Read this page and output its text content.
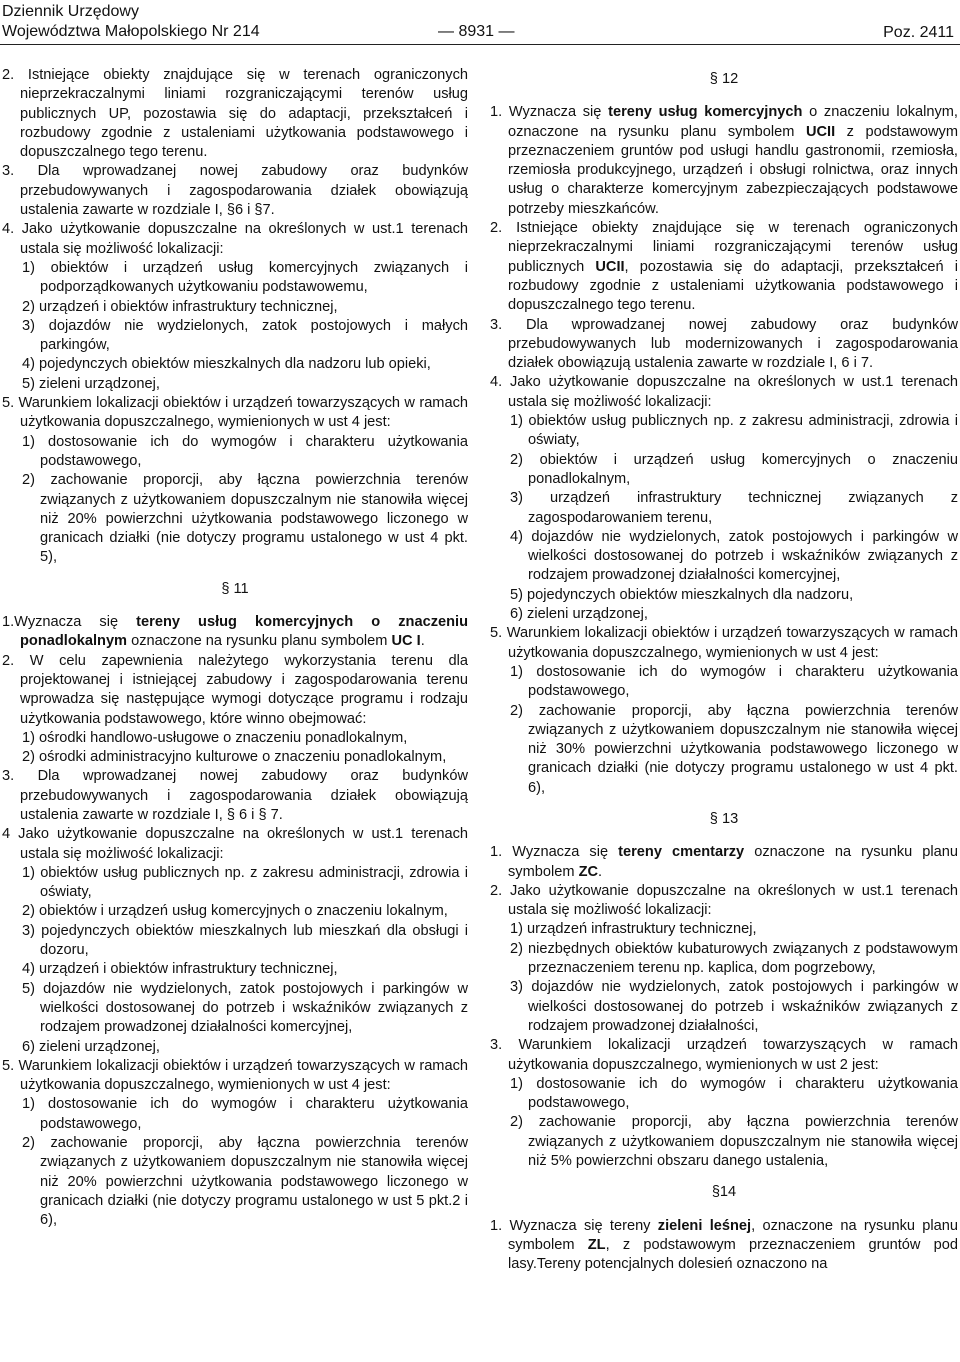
Dziennik Urzędowy
Województwa Małopolskiego Nr 214	— 8931 —	Poz. 2411
2. Istniejące obiekty znajdujące się w terenach ograniczonych nieprzekraczalnymi liniami rozgraniczającymi terenów usług publicznych UP, pozostawia się do adaptacji, przekształceń i rozbudowy zgodnie z ustaleniami użytkowania podstawowego i dopuszczalnego tego terenu.
3. Dla wprowadzanej nowej zabudowy oraz budynków przebudowywanych i zagospodarowania działek obowiązują ustalenia zawarte w rozdziale I, §6 i §7.
4. Jako użytkowanie dopuszczalne na określonych w ust.1 terenach ustala się możliwość lokalizacji:
1) obiektów i urządzeń usług komercyjnych związanych i podporządkowanych użytkowaniu podstawowemu,
2) urządzeń i obiektów infrastruktury technicznej,
3) dojazdów nie wydzielonych, zatok postojowych i małych parkingów,
4) pojedynczych obiektów mieszkalnych dla nadzoru lub opieki,
5) zieleni urządzonej,
5. Warunkiem lokalizacji obiektów i urządzeń towarzyszących w ramach użytkowania dopuszczalnego, wymienionych w ust 4 jest:
1) dostosowanie ich do wymogów i charakteru użytkowania podstawowego,
2) zachowanie proporcji, aby łączna powierzchnia terenów związanych z użytkowaniem dopuszczalnym nie stanowiła więcej niż 20% powierzchni użytkowania podstawowego liczonego w granicach działki (nie dotyczy programu ustalonego w ust 4 pkt. 5),
§ 11
1.Wyznacza się tereny usług komercyjnych o znaczeniu ponadlokalnym oznaczone na rysunku planu symbolem UC I.
2. W celu zapewnienia należytego wykorzystania terenu dla projektowanej i istniejącej zabudowy i zagospodarowania terenu wprowadza się następujące wymogi dotyczące programu i rodzaju użytkowania podstawowego, które winno obejmować:
1) ośrodki handlowo-usługowe o znaczeniu ponadlokalnym,
2) ośrodki administracyjno kulturowe o znaczeniu ponadlokalnym,
3. Dla wprowadzanej nowej zabudowy oraz budynków przebudowywanych i zagospodarowania działek obowiązują ustalenia zawarte w rozdziale I, § 6 i § 7.
4 Jako użytkowanie dopuszczalne na określonych w ust.1 terenach ustala się możliwość lokalizacji:
1) obiektów usług publicznych np. z zakresu administracji, zdrowia i oświaty,
2) obiektów i urządzeń usług komercyjnych o znaczeniu lokalnym,
3) pojedynczych obiektów mieszkalnych lub mieszkań dla obsługi i dozoru,
4) urządzeń i obiektów infrastruktury technicznej,
5) dojazdów nie wydzielonych, zatok postojowych i parkingów w wielkości dostosowanej do potrzeb i wskaźników związanych z rodzajem prowadzonej działalności komercyjnej,
6) zieleni urządzonej,
5. Warunkiem lokalizacji obiektów i urządzeń towarzyszących w ramach użytkowania dopuszczalnego, wymienionych w ust 4 jest:
1) dostosowanie ich do wymogów i charakteru użytkowania podstawowego,
2) zachowanie proporcji, aby łączna powierzchnia terenów związanych z użytkowaniem dopuszczalnym nie stanowiła więcej niż 20% powierzchni użytkowania podstawowego liczonego w granicach działki (nie dotyczy programu ustalonego w ust 5 pkt.2 i 6),
§ 12
1. Wyznacza się tereny usług komercyjnych o znaczeniu lokalnym, oznaczone na rysunku planu symbolem UCII z podstawowym przeznaczeniem gruntów pod usługi handlu gastronomii, rzemiosła, rzemiosła produkcyjnego, urządzeń i obsługi rolnictwa, oraz innych usług o charakterze komercyjnym zabezpieczających podstawowe potrzeby mieszkańców.
2. Istniejące obiekty znajdujące się w terenach ograniczonych nieprzekraczalnymi liniami rozgraniczającymi terenów usług publicznych UCII, pozostawia się do adaptacji, przekształceń i rozbudowy zgodnie z ustaleniami użytkowania podstawowego i dopuszczalnego tego terenu.
3. Dla wprowadzanej nowej zabudowy oraz budynków przebudowywanych lub modernizowanych i zagospodarowania działek obowiązują ustalenia zawarte w rozdziale I, 6 i 7.
4. Jako użytkowanie dopuszczalne na określonych w ust.1 terenach ustala się możliwość lokalizacji:
1) obiektów usług publicznych np. z zakresu administracji, zdrowia i oświaty,
2) obiektów i urządzeń usług komercyjnych o znaczeniu ponadlokalnym,
3) urządzeń infrastruktury technicznej związanych z zagospodarowaniem terenu,
4) dojazdów nie wydzielonych, zatok postojowych i parkingów w wielkości dostosowanej do potrzeb i wskaźników związanych z rodzajem prowadzonej działalności komercyjnej,
5) pojedynczych obiektów mieszkalnych dla nadzoru,
6) zieleni urządzonej,
5. Warunkiem lokalizacji obiektów i urządzeń towarzyszących w ramach użytkowania dopuszczalnego, wymienionych w ust 4 jest:
1) dostosowanie ich do wymogów i charakteru użytkowania podstawowego,
2) zachowanie proporcji, aby łączna powierzchnia terenów związanych z użytkowaniem dopuszczalnym nie stanowiła więcej niż 30% powierzchni użytkowania podstawowego liczonego w granicach działki (nie dotyczy programu ustalonego w ust 4 pkt. 6),
§ 13
1. Wyznacza się tereny cmentarzy oznaczone na rysunku planu symbolem ZC.
2. Jako użytkowanie dopuszczalne na określonych w ust.1 terenach ustala się możliwość lokalizacji:
1) urządzeń infrastruktury technicznej,
2) niezbędnych obiektów kubaturowych związanych z podstawowym przeznaczeniem terenu np. kaplica, dom pogrzebowy,
3) dojazdów nie wydzielonych, zatok postojowych i parkingów w wielkości dostosowanej do potrzeb i wskaźników związanych z rodzajem prowadzonej działalności,
3. Warunkiem lokalizacji urządzeń towarzyszących w ramach użytkowania dopuszczalnego, wymienionych w ust 2 jest:
1) dostosowanie ich do wymogów i charakteru użytkowania podstawowego,
2) zachowanie proporcji, aby łączna powierzchnia terenów związanych z użytkowaniem dopuszczalnym nie stanowiła więcej niż 5% powierzchni obszaru danego ustalenia,
§14
1. Wyznacza się tereny zieleni leśnej, oznaczone na rysunku planu symbolem ZL, z podstawowym przeznaczeniem gruntów pod lasy.Tereny potencjalnych dolesień oznaczono na
